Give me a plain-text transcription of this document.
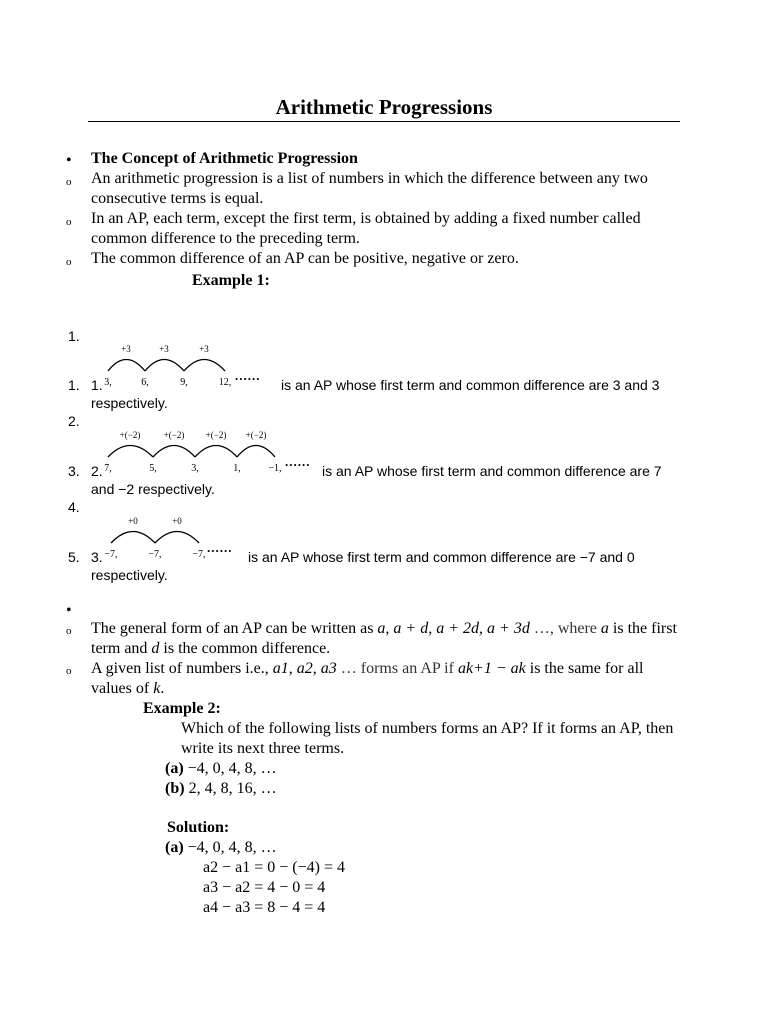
Arithmetic Progressions
•	The Concept of Arithmetic Progression
o	An arithmetic progression is a list of numbers in which the difference between any two consecutive terms is equal.
o	In an AP, each term, except the first term, is obtained by adding a fixed number called common difference to the preceding term.
o	The common difference of an AP can be positive, negative or zero.
Example 1:
1.
1.
2.
3.
4.
5.
1.
+3	+3	+3
3,	6,	9,	12, ......
is an AP whose first term and common difference are 3 and 3 respectively.
2.
+(−2)	+(−2) +(−2) +(−2)
7,	5,	3,	1,	−1, ......
is an AP whose first term and common difference are 7 and −2 respectively.
3.
+0	+0
−7,	−7,	−7, ......
is an AP whose first term and common difference are −7 and 0 respectively.
•
o	The general form of an AP can be written as a, a + d, a + 2d, a + 3d …, where a is the first term and d is the common difference.
o	A given list of numbers i.e., a1, a2, a3 … forms an AP if ak+1 − ak is the same for all values of k.
Example 2:
Which of the following lists of numbers forms an AP? If it forms an AP, then write its next three terms.
(a) −4, 0, 4, 8, …
(b) 2, 4, 8, 16, …
Solution:
(a) −4, 0, 4, 8, …
a2 − a1 = 0 − (−4) = 4
a3 − a2 = 4 − 0 = 4
a4 − a3 = 8 − 4 = 4
